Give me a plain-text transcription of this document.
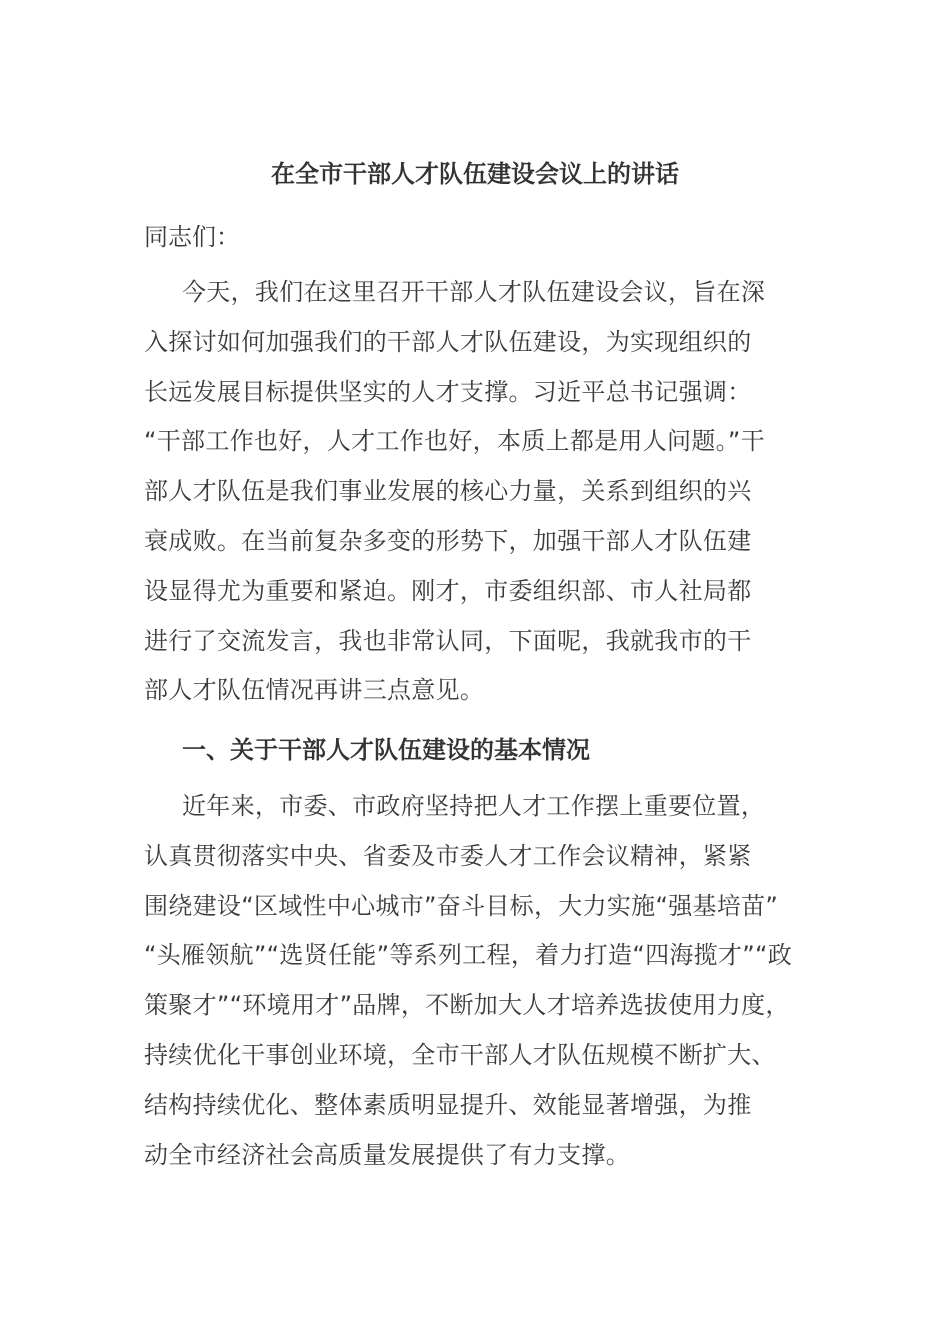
在全市干部人才队伍建设会议上的讲话
同志们：
今天，我们在这里召开干部人才队伍建设会议，旨在深
入探讨如何加强我们的干部人才队伍建设，为实现组织的
长远发展目标提供坚实的人才支撑。习近平总书记强调：
“干部工作也好，人才工作也好，本质上都是用人问题。”干
部人才队伍是我们事业发展的核心力量，关系到组织的兴
衰成败。在当前复杂多变的形势下，加强干部人才队伍建
设显得尤为重要和紧迫。刚才，市委组织部、市人社局都
进行了交流发言，我也非常认同，下面呢，我就我市的干
部人才队伍情况再讲三点意见。
一、关于干部人才队伍建设的基本情况
近年来，市委、市政府坚持把人才工作摆上重要位置，
认真贯彻落实中央、省委及市委人才工作会议精神，紧紧
围绕建设“区域性中心城市”奋斗目标，大力实施“强基培苗”
“头雁领航”“选贤任能”等系列工程，着力打造“四海揽才”“政
策聚才”“环境用才”品牌，不断加大人才培养选拔使用力度，
持续优化干事创业环境，全市干部人才队伍规模不断扩大、
结构持续优化、整体素质明显提升、效能显著增强，为推
动全市经济社会高质量发展提供了有力支撑。
